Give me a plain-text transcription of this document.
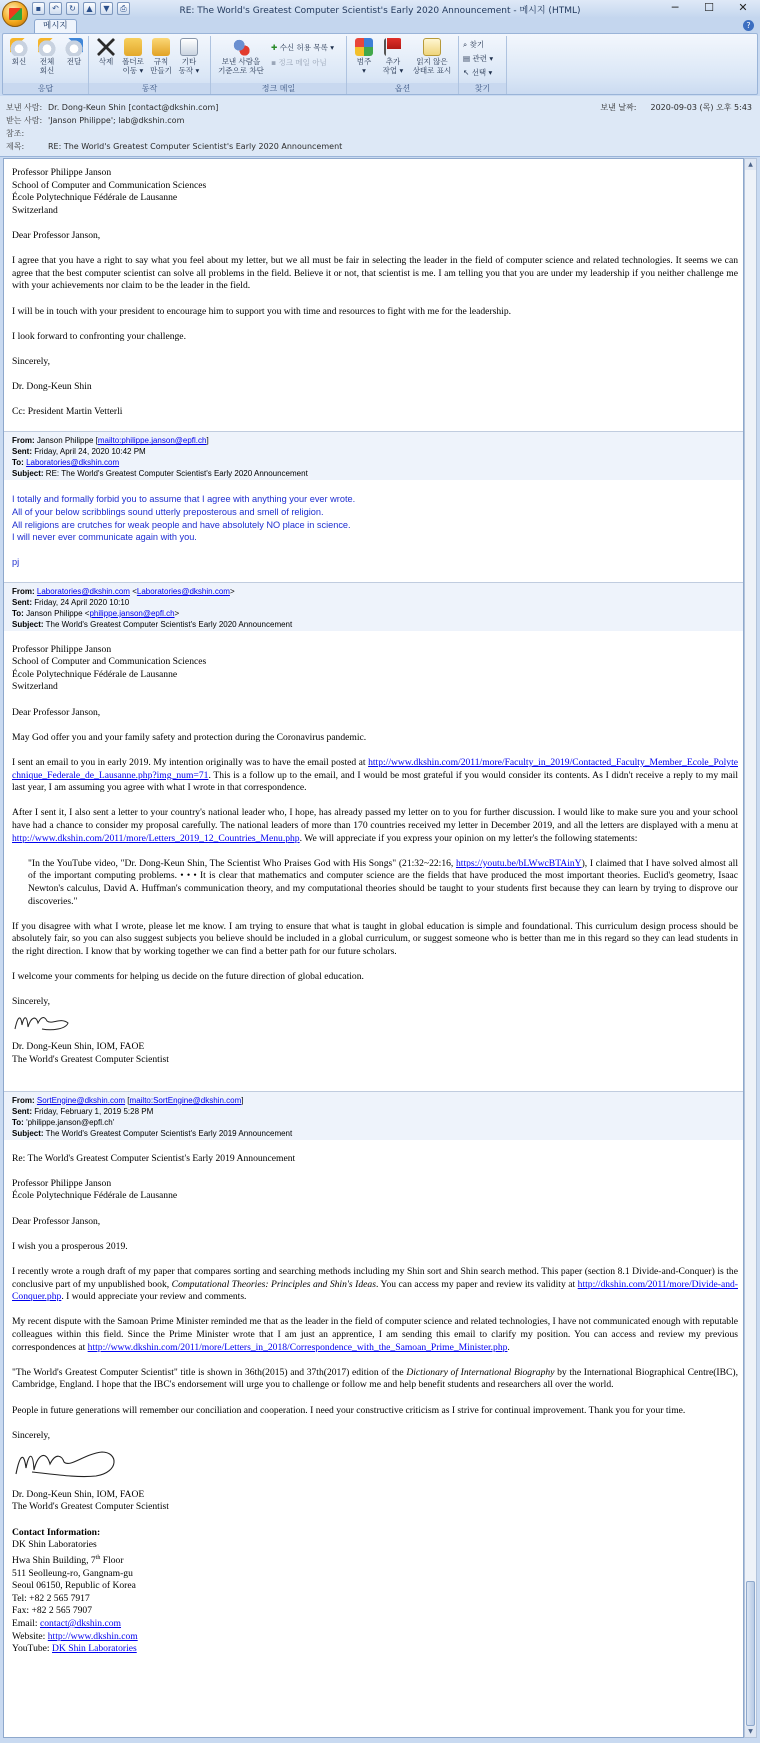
▪	↶	↻	▲	▼	⎙	RE: The World's Greatest Computer Scientist's Early 2020 Announcement - 메시지 (HTML)	─	☐	✕
메시지	?
회신	전체
회신
전달
응답
삭제	폴더로
이동 ▾
규칙
만들기
기타
동작 ▾
동작
보낸 사람을
기준으로 차단
✚ 수신 허용 목록 ▾
▪ 정크 메일 아님
정크 메일
범주
▾
추가
작업 ▾
읽지 않은
상태로 표시
옵션
⌕ 찾기
▤ 관련 ▾
↖ 선택 ▾
찾기
보낸 사람: Dr. Dong-Keun Shin [contact@dkshin.com]
받는 사람: 'Janson Philippe'; lab@dkshin.com
참조:
제목:	RE: The World's Greatest Computer Scientist's Early 2020 Announcement
보낸 날짜: 2020-09-03 (목) 오후 5:43

Professor Philippe Janson
School of Computer and Communication Sciences
École Polytechnique Fédérale de Lausanne
Switzerland

Dear Professor Janson,

I agree that you have a right to say what you feel about my letter, but we all must be fair in selecting the leader in the field of computer science and related technologies. It seems we can agree that the best computer scientist can solve all problems in the field. Believe it or not, that scientist is me. I am telling you that you are under my leadership if you neither challenge me with your achievements nor claim to be the leader in the field.

I will be in touch with your president to encourage him to support you with time and resources to fight with me for the leadership.

I look forward to confronting your challenge.

Sincerely,

Dr. Dong-Keun Shin

Cc: President Martin Vetterli

From: Janson Philippe [mailto:philippe.janson@epfl.ch]
Sent: Friday, April 24, 2020 10:42 PM
To: Laboratories@dkshin.com
Subject: RE: The World's Greatest Computer Scientist's Early 2020 Announcement

I totally and formally forbid you to assume that I agree with anything your ever wrote.
All of your below scribblings sound utterly preposterous and smell of religion.
All religions are crutches for weak people and have absolutely NO place in science.
I will never ever communicate again with you.

pj

From: Laboratories@dkshin.com <Laboratories@dkshin.com>
Sent: Friday, 24 April 2020 10:10
To: Janson Philippe <philippe.janson@epfl.ch>
Subject: The World's Greatest Computer Scientist's Early 2020 Announcement

Professor Philippe Janson
School of Computer and Communication Sciences
École Polytechnique Fédérale de Lausanne
Switzerland

Dear Professor Janson,

May God offer you and your family safety and protection during the Coronavirus pandemic.

I sent an email to you in early 2019. My intention originally was to have the email posted at http://www.dkshin.com/2011/more/Faculty_in_2019/Contacted_Faculty_Member_Ecole_Polytechnique_Federale_de_Lausanne.php?img_num=71. This is a follow up to the email, and I would be most grateful if you would consider its contents. As I didn't receive a reply to my mail last year, I am assuming you agree with what I wrote in that correspondence.

After I sent it, I also sent a letter to your country's national leader who, I hope, has already passed my letter on to you for further discussion. I would like to make sure you and your school have had a chance to consider my proposal carefully. The national leaders of more than 170 countries received my letter in December 2019, and all the letters are displayed with a menu at http://www.dkshin.com/2011/more/Letters_2019_12_Countries_Menu.php. We will appreciate if you express your opinion on my letter's the following statements:

"In the YouTube video, "Dr. Dong-Keun Shin, The Scientist Who Praises God with His Songs" (21:32~22:16, https://youtu.be/bLWwcBTAinY), I claimed that I have solved almost all of the important computing problems. • • • It is clear that mathematics and computer science are the fields that have produced the most important theories. Euclid's geometry, Isaac Newton's calculus, David A. Huffman's communication theory, and my computational theories should be taught to your students first because they can learn by trying to disprove our discoveries."

If you disagree with what I wrote, please let me know. I am trying to ensure that what is taught in global education is simple and foundational. This curriculum design process should be absolutely fair, so you can also suggest subjects you believe should be included in a global curriculum, or suggest someone who is better than me in this regard so they can lead students in the right direction. I know that by working together we can find a better path for our future scholars.

I welcome your comments for helping us decide on the future direction of global education.

Sincerely,

Dr. Dong-Keun Shin, IOM, FAOE
The World's Greatest Computer Scientist

From: SortEngine@dkshin.com [mailto:SortEngine@dkshin.com]
Sent: Friday, February 1, 2019 5:28 PM
To: 'philippe.janson@epfl.ch'
Subject: The World's Greatest Computer Scientist's Early 2019 Announcement

Re: The World's Greatest Computer Scientist's Early 2019 Announcement

Professor Philippe Janson
École Polytechnique Fédérale de Lausanne

Dear Professor Janson,

I wish you a prosperous 2019.

I recently wrote a rough draft of my paper that compares sorting and searching methods including my Shin sort and Shin search method. This paper (section 8.1 Divide-and-Conquer) is the conclusive part of my unpublished book, Computational Theories: Principles and Shin's Ideas. You can access my paper and review its validity at http://dkshin.com/2011/more/Divide-and-Conquer.php. I would appreciate your review and comments.

My recent dispute with the Samoan Prime Minister reminded me that as the leader in the field of computer science and related technologies, I have not communicated enough with reputable colleagues within this field. Since the Prime Minister wrote that I am just an apprentice, I am sending this email to clarify my position. You can access and review my previous correspondences at http://www.dkshin.com/2011/more/Letters_in_2018/Correspondence_with_the_Samoan_Prime_Minister.php.

"The World's Greatest Computer Scientist" title is shown in 36th(2015) and 37th(2017) edition of the Dictionary of International Biography by the International Biographical Centre(IBC), Cambridge, England. I hope that the IBC's endorsement will urge you to challenge or follow me and help benefit students and researchers all over the world.

People in future generations will remember our conciliation and cooperation. I need your constructive criticism as I strive for continual improvement. Thank you for your time.

Sincerely,

Dr. Dong-Keun Shin, IOM, FAOE
The World's Greatest Computer Scientist

Contact Information:

DK Shin Laboratories

Hwa Shin Building, 7th Floor

511 Seolleung-ro, Gangnam-gu

Seoul 06150, Republic of Korea

Tel: +82 2 565 7917

Fax: +82 2 565 7907

Email: contact@dkshin.com

Website: http://www.dkshin.com

YouTube: DK Shin Laboratories

▲
▼
